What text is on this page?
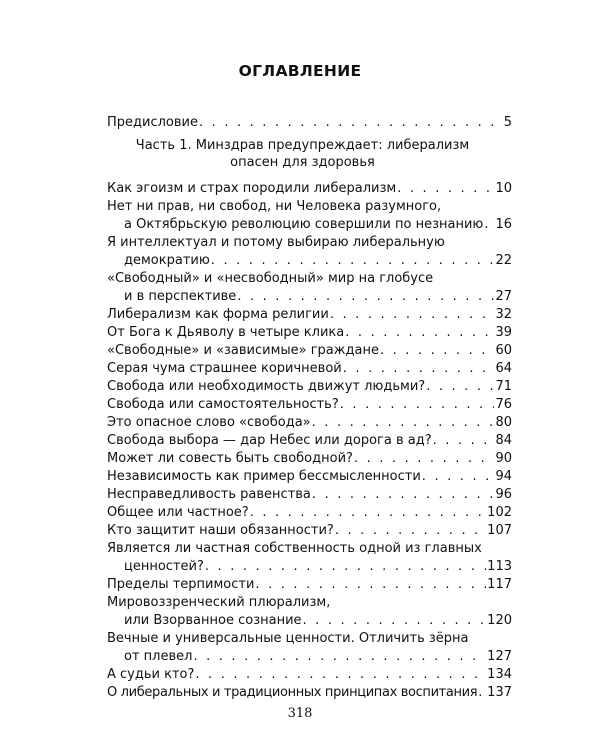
ОГЛАВЛЕНИЕ
Предисловие . . .	5
Часть 1. Минздрав предупреждает: либерализм
опасен для здоровья
Как эгоизм и страх породили либерализм . . .	10
Нет ни прав, ни свобод, ни Человека разумного,
а Октябрьскую революцию совершили по незнанию . . . 16
Я интеллектуал и потому выбираю либеральную
демократию . . .	22
«Свободный» и «несвободный» мир на глобусе
и в перспективе . . .	27
Либерализм как форма религии . . .	32
От Бога к Дьяволу в четыре клика . . .	39
«Свободные» и «зависимые» граждане . . .	60
Серая чума страшнее коричневой . . .	64
Свобода или необходимость движут людьми? . . .	71
Свобода или самостоятельность? . . .	76
Это опасное слово «свобода» . . .	80
Свобода выбора — дар Небес или дорога в ад? . . .	84
Может ли совесть быть свободной? . . .	90
Независимость как пример бессмысленности . . .	94
Несправедливость равенства . . .	96
Общее или частное? . . .	102
Кто защитит наши обязанности? . . .	107
Является ли частная собственность одной из главных
ценностей? . . .	113
Пределы терпимости . . .	117
Мировоззренческий плюрализм,
или Взорванное сознание . . .	120
Вечные и универсальные ценности. Отличить зёрна
от плевел . . .	127
А судьи кто? . . .	134
О либеральных и традиционных принципах воспитания . . . 137
318
